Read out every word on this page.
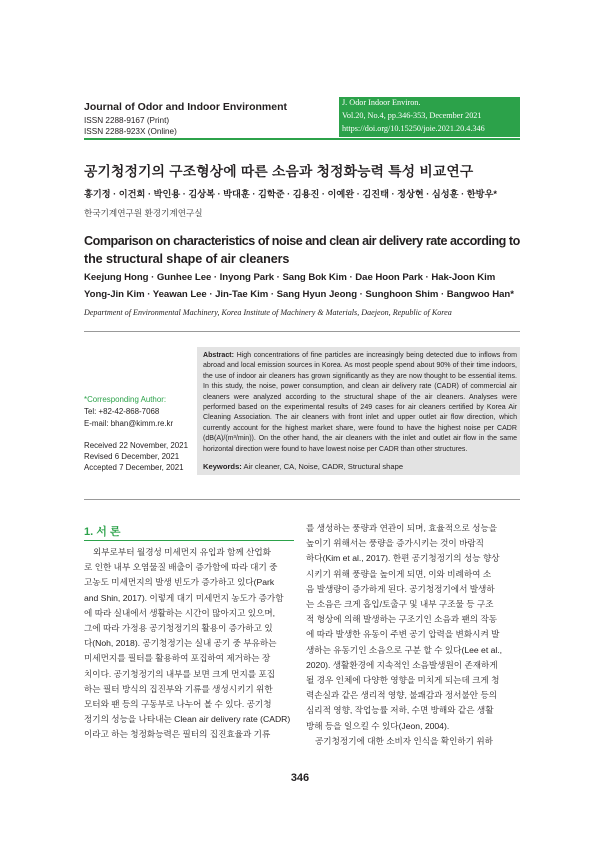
Journal of Odor and Indoor Environment
ISSN 2288-9167 (Print)
ISSN 2288-923X (Online)
J. Odor Indoor Environ.
Vol.20, No.4, pp.346-353, December 2021
https://doi.org/10.15250/joie.2021.20.4.346
공기청정기의 구조형상에 따른 소음과 청정화능력 특성 비교연구
홍기정 · 이건희 · 박인용 · 김상복 · 박대훈 · 김학준 · 김용진 · 이예완 · 김진태 · 정상현 · 심성훈 · 한방우*
한국기계연구원 환경기계연구실
Comparison on characteristics of noise and clean air delivery rate according to
the structural shape of air cleaners
Keejung Hong · Gunhee Lee · Inyong Park · Sang Bok Kim · Dae Hoon Park · Hak-Joon Kim
Yong-Jin Kim · Yeawan Lee · Jin-Tae Kim · Sang Hyun Jeong · Sunghoon Shim · Bangwoo Han*
Department of Environmental Machinery, Korea Institute of Machinery & Materials, Daejeon, Republic of Korea
*Corresponding Author:
Tel: +82-42-868-7068
E-mail: bhan@kimm.re.kr
Received 22 November, 2021
Revised 6 December, 2021
Accepted 7 December, 2021
Abstract: High concentrations of fine particles are increasingly being detected due to inflows from abroad and local emission sources in Korea. As most people spend about 90% of their time indoors, the use of indoor air cleaners has grown significantly as they are now thought to be essential items. In this study, the noise, power consumption, and clean air delivery rate (CADR) of commercial air cleaners were analyzed according to the structural shape of the air cleaners. Analyses were performed based on the experimental results of 249 cases for air cleaners certified by Korea Air Cleaning Association. The air cleaners with front inlet and upper outlet air flow direction, which currently account for the highest market share, were found to have the highest noise per CADR (dB(A)/(m³/min)). On the other hand, the air cleaners with the inlet and outlet air flow in the same horizontal direction were found to have lowest noise per CADR than other structures.
Keywords: Air cleaner, CA, Noise, CADR, Structural shape
1. 서 론
외부로부터 월경성 미세먼지 유입과 함께 산업화
로 인한 내부 오염물질 배출이 증가함에 따라 대기 중
고농도 미세먼지의 발생 빈도가 증가하고 있다(Park
and Shin, 2017). 이렇게 대기 미세먼지 농도가 증가함
에 따라 실내에서 생활하는 시간이 많아지고 있으며,
그에 따라 가정용 공기청정기의 활용이 증가하고 있
다(Noh, 2018). 공기청정기는 실내 공기 중 부유하는
미세먼지를 필터를 활용하여 포집하여 제거하는 장
치이다. 공기청정기의 내부를 보면 크게 먼지를 포집
하는 필터 방식의 집진부와 기류를 생성시키기 위한
모터와 팬 등의 구동부로 나누어 볼 수 있다. 공기청
정기의 성능을 나타내는 Clean air delivery rate (CADR)
이라고 하는 청정화능력은 필터의 집진효율과 기류
를 생성하는 풍량과 연관이 되며, 효율적으로 성능을
높이기 위해서는 풍량을 증가시키는 것이 바람직
하다(Kim et al., 2017). 한편 공기청정기의 성능 향상
시키기 위해 풍량을 높이게 되면, 이와 비례하여 소
음 발생량이 증가하게 된다. 공기청정기에서 발생하
는 소음은 크게 흡입/토출구 및 내부 구조물 등 구조
적 형상에 의해 발생하는 구조기인 소음과 팬의 작동
에 따라 발생한 유동이 주변 공기 압력을 변화시켜 발
생하는 유동기인 소음으로 구분 할 수 있다(Lee et al.,
2020). 생활환경에 지속적인 소음발생원이 존재하게
될 경우 인체에 다양한 영향을 미치게 되는데 크게 청
력손실과 같은 생리적 영향, 불쾌감과 정서불안 등의
심리적 영향, 작업능률 저하, 수면 방해와 같은 생활
방해 등을 일으킬 수 있다(Jeon, 2004).
공기청정기에 대한 소비자 인식을 확인하기 위하
346
